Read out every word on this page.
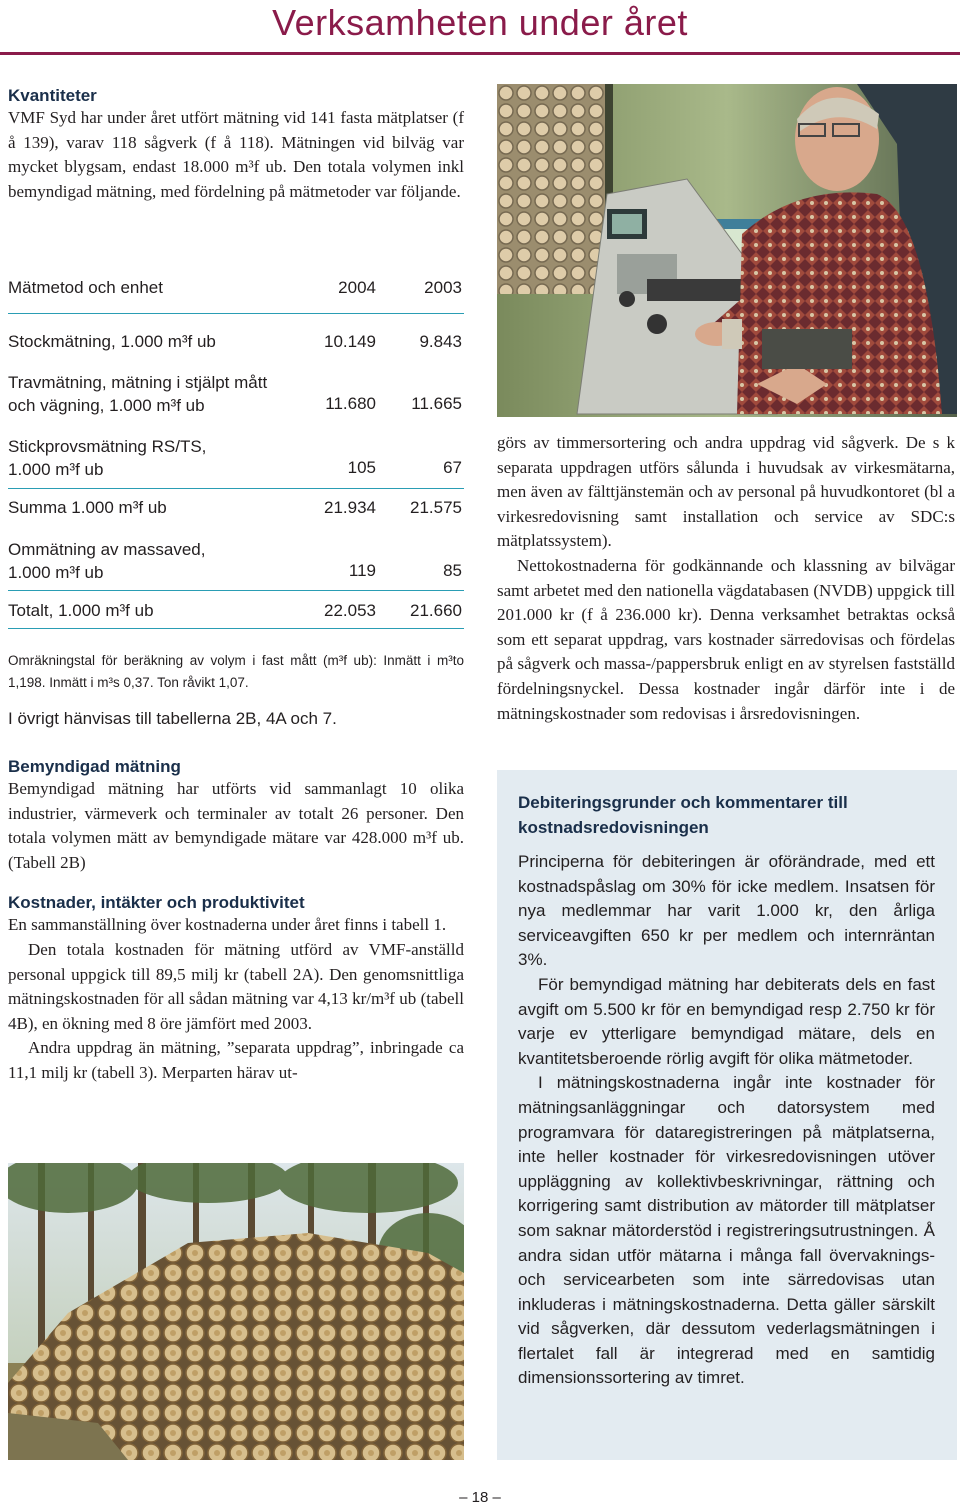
Verksamheten under året
Kvantiteter

VMF Syd har under året utfört mätning vid 141 fasta mätplatser (f å 139), varav 118 sågverk (f å 118). Mätningen vid bilväg var mycket blygsam, endast 18.000 m³f ub. Den totala volymen inkl bemyndigad mätning, med fördelning på mätmetoder var följande.

Mätmetod och enhet	2004	2003
Stockmätning, 1.000 m³f ub	10.149	9.843
Travmätning, mätning i stjälpt mått och vägning, 1.000 m³f ub	11.680	11.665
Stickprovsmätning RS/TS, 1.000 m³f ub	105	67
Summa 1.000 m³f ub	21.934	21.575
Ommätning av massaved, 1.000 m³f ub	119	85
Totalt, 1.000 m³f ub	22.053	21.660
Omräkningstal för beräkning av volym i fast mått (m³f ub): Inmätt i m³to 1,198. Inmätt i m³s 0,37. Ton råvikt 1,07.
I övrigt hänvisas till tabellerna 2B, 4A och 7.
Bemyndigad mätning

Bemyndigad mätning har utförts vid sammanlagt 10 olika industrier, värmeverk och terminaler av totalt 26 personer. Den totala volymen mätt av bemyndigade mätare var 428.000 m³f ub. (Tabell 2B)

Kostnader, intäkter och produktivitet

En sammanställning över kostnaderna under året finns i tabell 1.

Den totala kostnaden för mätning utförd av VMF-anställd personal uppgick till 89,5 milj kr (tabell 2A). Den genomsnittliga mätningskostnaden för all sådan mätning var 4,13 kr/m³f ub (tabell 4B), en ökning med 8 öre jämfört med 2003.

Andra uppdrag än mätning, ”separata uppdrag”, inbringade ca 11,1 milj kr (tabell 3). Merparten härav ut-

görs av timmersortering och andra uppdrag vid sågverk. De s k separata uppdragen utförs sålunda i huvudsak av virkesmätarna, men även av fälttjänstemän och av personal på huvudkontoret (bl a virkesredovisning samt installation och service av SDC:s mätplatssystem).

Nettokostnaderna för godkännande och klassning av bilvägar samt arbetet med den nationella vägdatabasen (NVDB) uppgick till 201.000 kr (f å 236.000 kr). Denna verksamhet betraktas också som ett separat uppdrag, vars kostnader särredovisas och fördelas på sågverk och massa-/pappersbruk enligt en av styrelsen fastställd fördelningsnyckel. Dessa kostnader ingår därför inte i de mätningskostnader som redovisas i årsredovisningen.

Debiteringsgrunder och kommentarer till kostnadsredovisningen

Principerna för debiteringen är oförändrade, med ett kostnadspåslag om 30% för icke medlem. Insatsen för nya medlemmar har varit 1.000 kr, den årliga serviceavgiften 650 kr per medlem och internräntan 3%.

För bemyndigad mätning har debiterats dels en fast avgift om 5.500 kr för en bemyndigad resp 2.750 kr för varje ev ytterligare bemyndigad mätare, dels en kvantitetsberoende rörlig avgift för olika mätmetoder.

I mätningskostnaderna ingår inte kostnader för mätningsanläggningar och datorsystem med programvara för dataregistreringen på mätplatserna, inte heller kostnader för virkesredovisningen utöver uppläggning av kollektivbeskrivningar, rättning och korrigering samt distribution av mätorder till mätplatser som saknar mätorderstöd i registreringsutrustningen. Å andra sidan utför mätarna i många fall övervaknings- och servicearbeten som inte särredovisas utan inkluderas i mätningskostnaderna. Detta gäller särskilt vid sågverken, där dessutom vederlagsmätningen i flertalet fall är integrerad med en samtidig dimensionssortering av timret.

– 18 –
